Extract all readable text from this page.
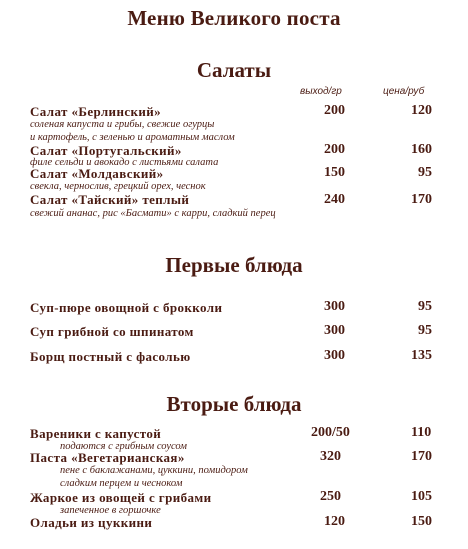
Меню Великого поста
Салаты
выход/гр	цена/руб
Салат «Берлинский»	200	120
соленая капуста и грибы, свежие огурцы
и картофель, с зеленью и ароматным маслом
Салат «Португальский»	200	160
филе сельди и авокадо с листьями салата
Салат «Молдавский»	150	95
свекла, чернослив, грецкий орех, чеснок
Салат «Тайский» теплый	240	170
свежий ананас, рис «Басмати» с карри, сладкий перец
Первые блюда
Суп-пюре овощной с брокколи	300	95
Суп грибной со шпинатом	300	95
Борщ постный с фасолью	300	135
Вторые блюда
Вареники с капустой	200/50	110
подаются с грибным соусом
Паста «Вегетарианская»	320	170
пене с баклажанами, цуккини, помидором
сладким перцем и чесноком
Жаркое из овощей с грибами	250	105
запеченное в горшочке
Оладьи из цуккини	120	150
